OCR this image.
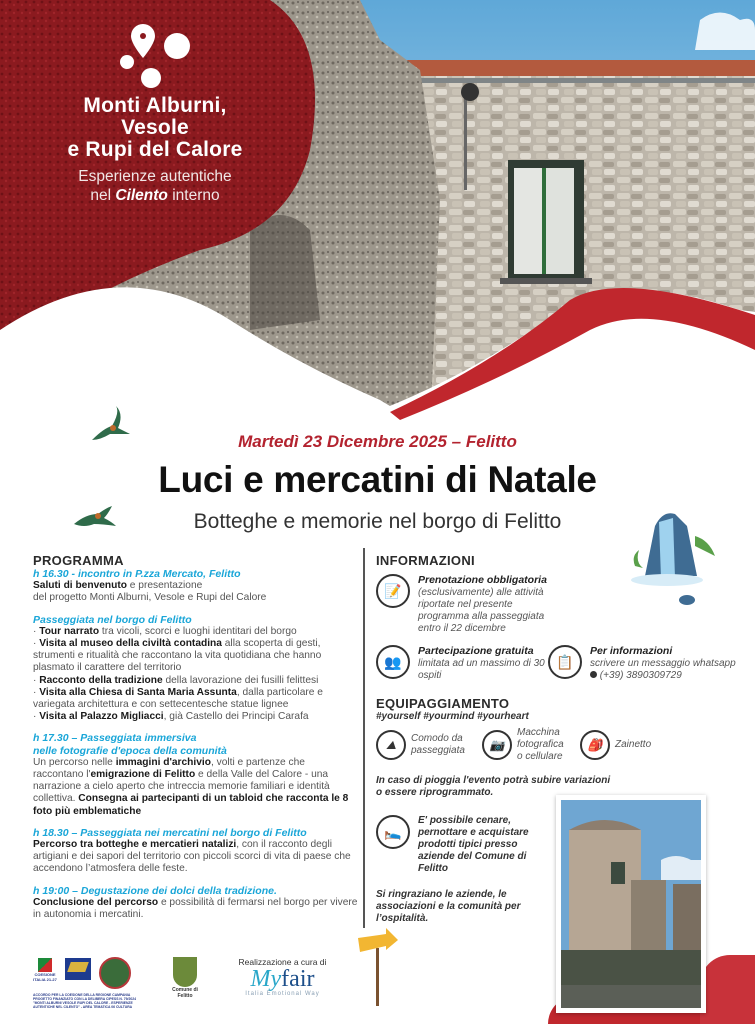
Monti Alburni,
Vesole
e Rupi del Calore
Esperienze autentiche
nel Cilento interno
Martedì 23 Dicembre 2025 – Felitto
Luci e mercatini di Natale
Botteghe e memorie nel borgo di Felitto
PROGRAMMA
h 16.30 - incontro in P.zza Mercato, Felitto
Saluti di benvenuto e presentazione
del progetto Monti Alburni, Vesole e Rupi del Calore
Passeggiata nel borgo di Felitto
· Tour narrato tra vicoli, scorci e luoghi identitari del borgo
· Visita al museo della civiltà contadina alla scoperta di gesti, strumenti e ritualità che raccontano la vita quotidiana che hanno plasmato il carattere del territorio
· Racconto della tradizione della lavorazione dei fusilli felittesi
· Visita alla Chiesa di Santa Maria Assunta, dalla particolare e variegata architettura e con settecentesche statue lignee
· Visita al Palazzo Migliacci, già Castello dei Principi Carafa
h 17.30 – Passeggiata immersiva
nelle fotografie d'epoca della comunità
Un percorso nelle immagini d'archivio, volti e partenze che raccontano l'emigrazione di Felitto e della Valle del Calore - una narrazione a cielo aperto che intreccia memorie familiari e identità collettiva. Consegna ai partecipanti di un tabloid che racconta le 8 foto più emblematiche
h 18.30 – Passeggiata nei mercatini nel borgo di Felitto
Percorso tra botteghe e mercatieri natalizi, con il racconto degli artigiani e dei sapori del territorio con piccoli scorci di vita di paese che accendono l’atmosfera delle feste.
h 19:00 – Degustazione dei dolci della tradizione.
Conclusione del percorso e possibilità di fermarsi nel borgo per vivere in autonomia i mercatini.
INFORMAZIONI
📝
Prenotazione obbligatoria
(esclusivamente) alle attività riportate nel presente programma alla passeggiata entro il 22 dicembre
👥
Partecipazione gratuita
limitata ad un massimo di 30 ospiti
📋
Per informazioni
scrivere un messaggio whatsapp  (+39) 3890309729
EQUIPAGGIAMENTO
#yourself #yourmind #yourheart
⛰	Comodo da passeggiata	📷
Macchina fotografica o cellulare
🎒	Zainetto
In caso di pioggia l'evento potrà subire variazioni o essere riprogrammato.
🛌
E' possibile cenare, pernottare e acquistare prodotti tipici presso aziende del Comune di Felitto
Si ringraziano le aziende, le associazioni e la comunità per l’ospitalità.
COESIONE ITALIA 21-27
ACCORDO PER LA COESIONE DELLA REGIONE CAMPANIA PROGETTO FINANZIATO CON LA DELIBERA CIPESS N. 79/2024 "MONTI ALBURNI VESOLE RUPI DEL CALORE - ESPERIENZE AUTENTICHE NEL CILENTO" - AREA TEMATICA 06 CULTURA
Comune di Felitto
Realizzazione a cura di
Myfair
Italia Emotional Way
